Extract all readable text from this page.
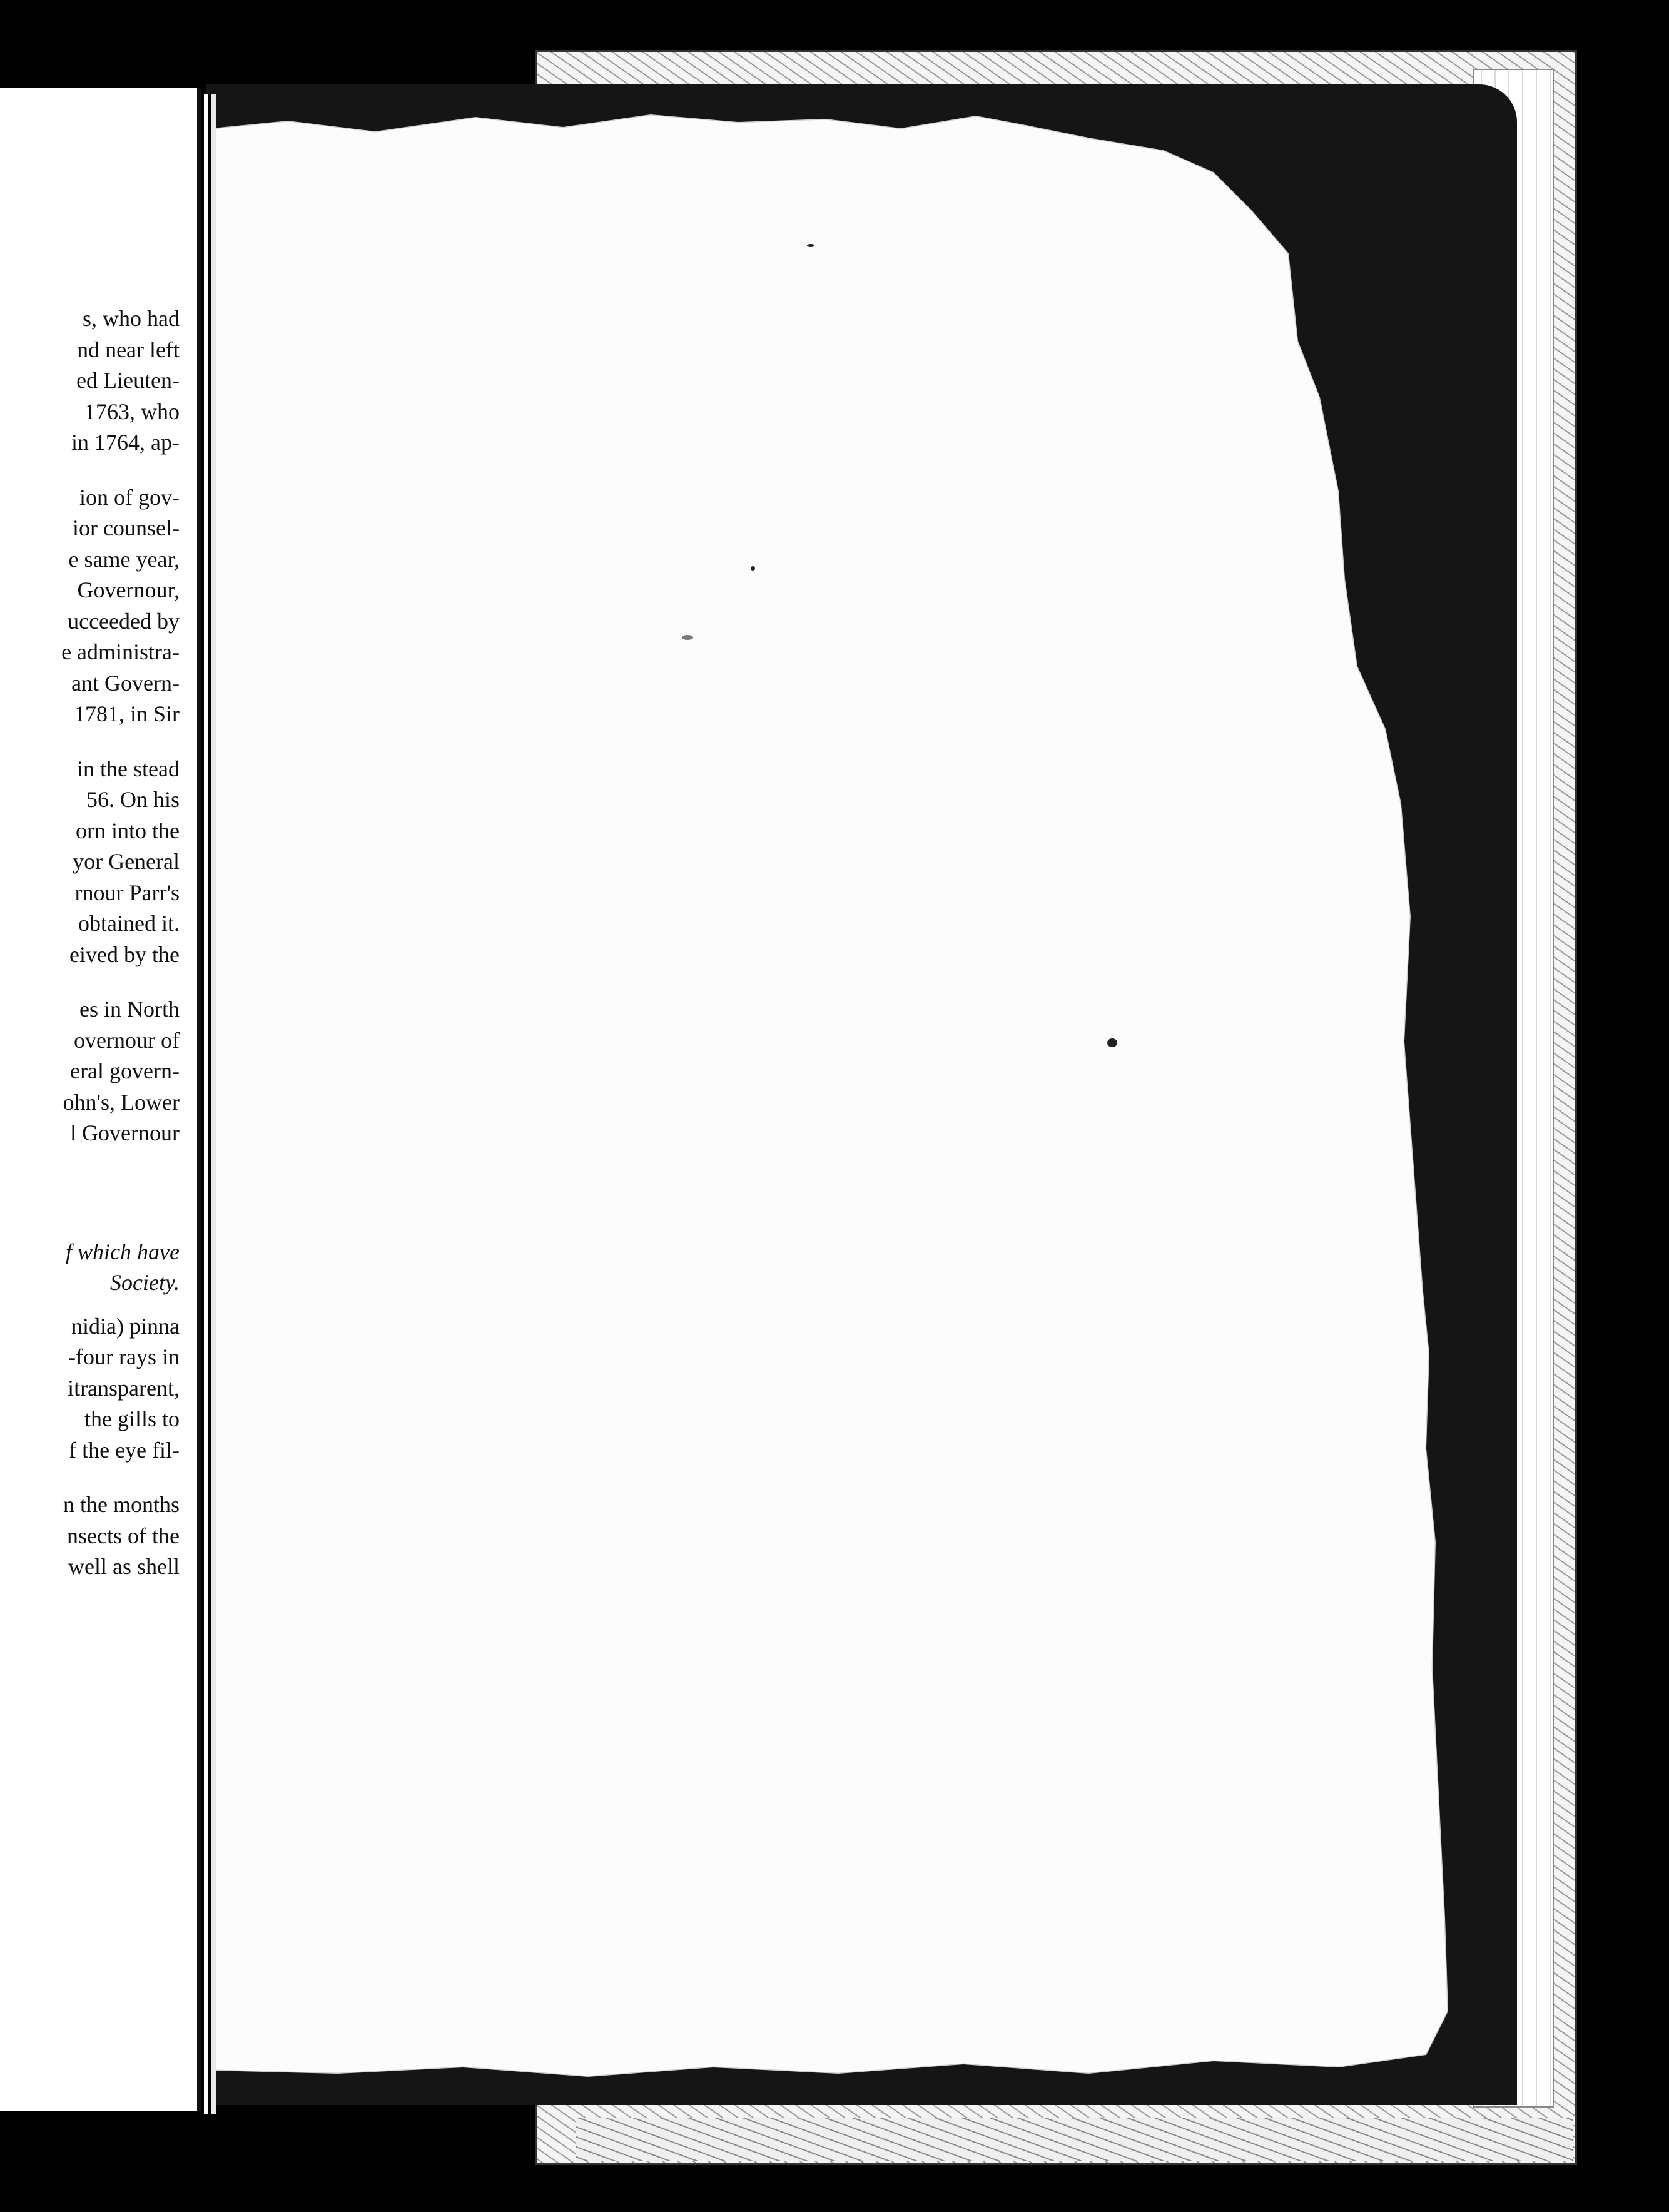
s, who had

nd near left

ed Lieuten-

1763, who

in 1764, ap-

ion of gov-

ior counsel-

e same year,

Governour,

ucceeded by

e administra-

ant Govern-

1781, in Sir

in the stead

56. On his

orn into the

yor General

rnour Parr's

obtained it.

eived by the

es in North

overnour of

eral govern-

ohn's, Lower

l Governour

f which have

Society.

nidia) pinna

-four rays in

itransparent,

the gills to

f the eye fil-

n the months

nsects of the

well as shell
